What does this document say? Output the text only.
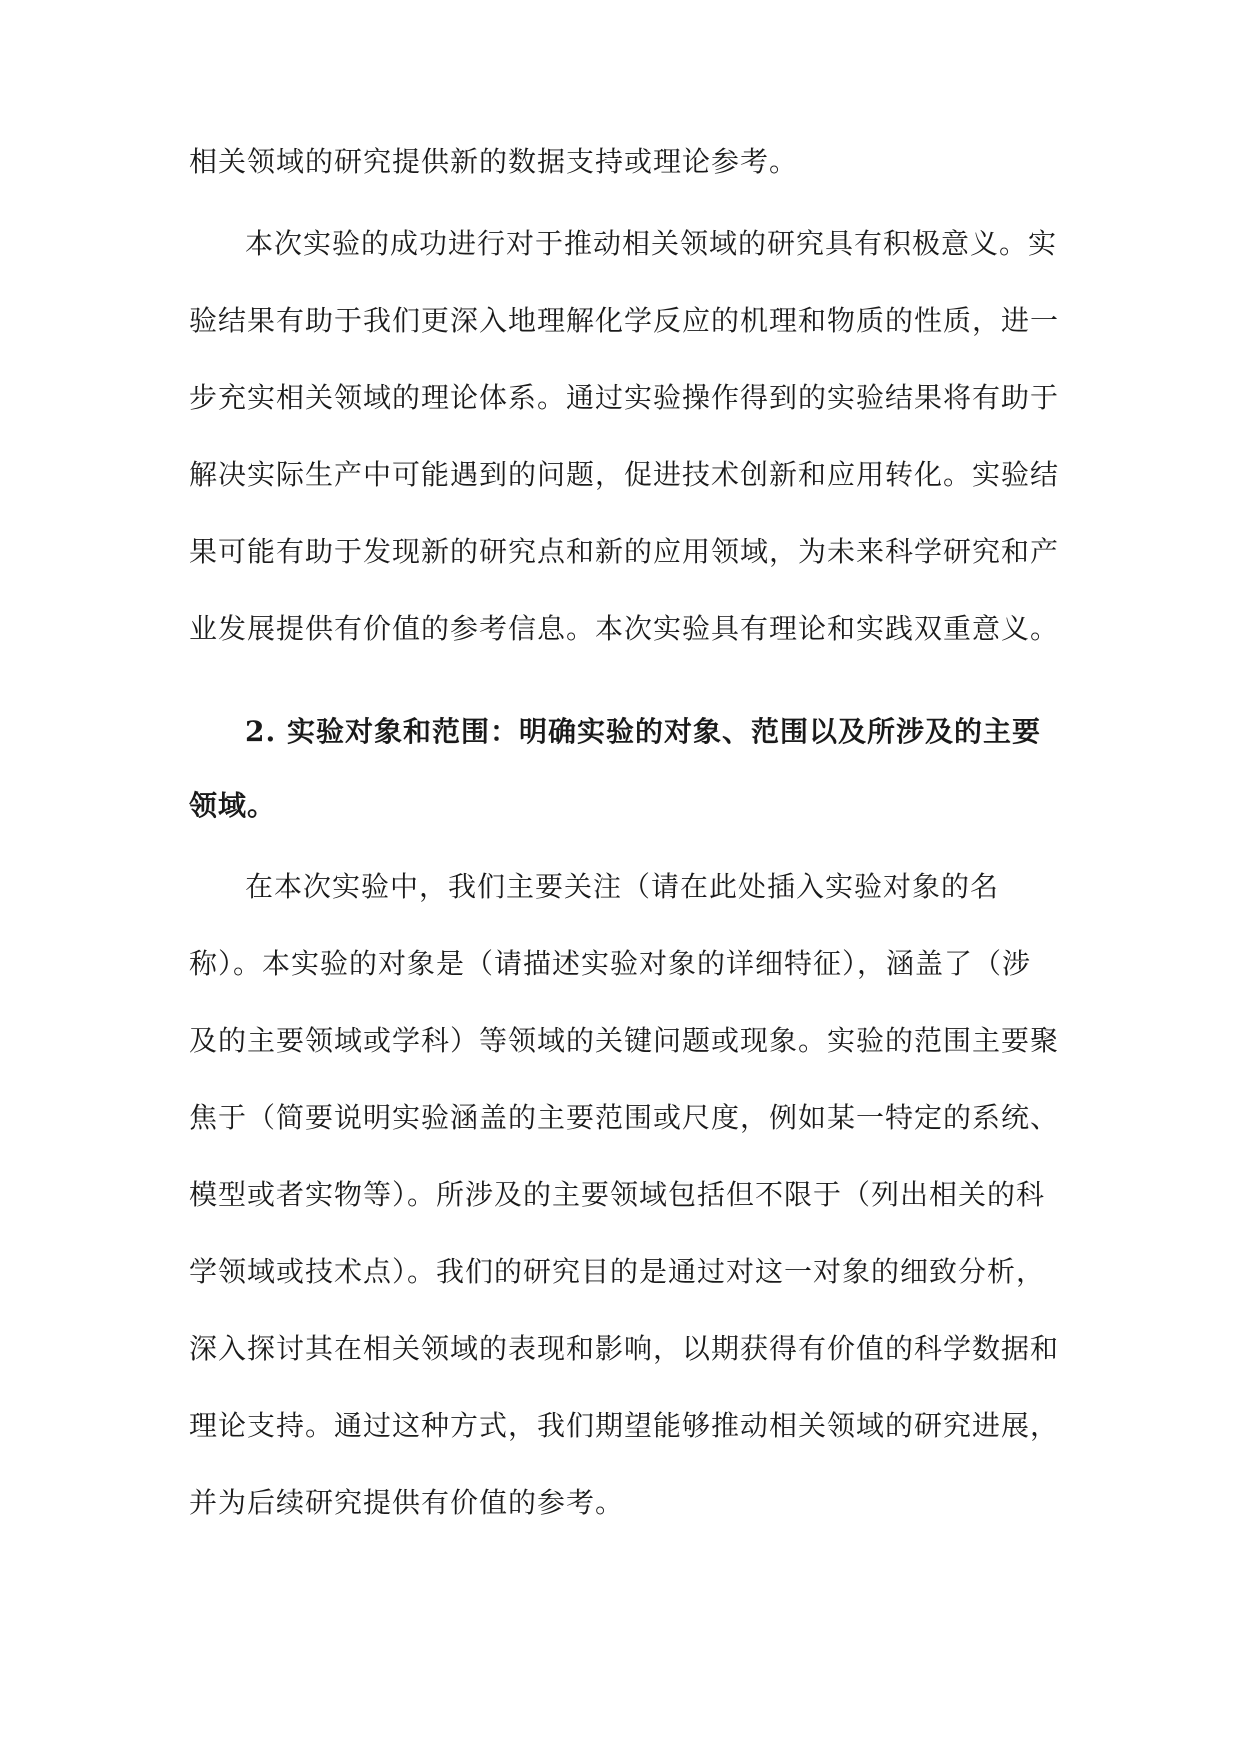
相关领域的研究提供新的数据支持或理论参考。
本次实验的成功进行对于推动相关领域的研究具有积极意义。实
验结果有助于我们更深入地理解化学反应的机理和物质的性质，进一
步充实相关领域的理论体系。通过实验操作得到的实验结果将有助于
解决实际生产中可能遇到的问题，促进技术创新和应用转化。实验结
果可能有助于发现新的研究点和新的应用领域，为未来科学研究和产
业发展提供有价值的参考信息。本次实验具有理论和实践双重意义。
2. 实验对象和范围：明确实验的对象、范围以及所涉及的主要
领域。
在本次实验中，我们主要关注（请在此处插入实验对象的名
称）。本实验的对象是（请描述实验对象的详细特征），涵盖了（涉
及的主要领域或学科）等领域的关键问题或现象。实验的范围主要聚
焦于（简要说明实验涵盖的主要范围或尺度，例如某一特定的系统、
模型或者实物等）。所涉及的主要领域包括但不限于（列出相关的科
学领域或技术点）。我们的研究目的是通过对这一对象的细致分析，
深入探讨其在相关领域的表现和影响，以期获得有价值的科学数据和
理论支持。通过这种方式，我们期望能够推动相关领域的研究进展，
并为后续研究提供有价值的参考。
